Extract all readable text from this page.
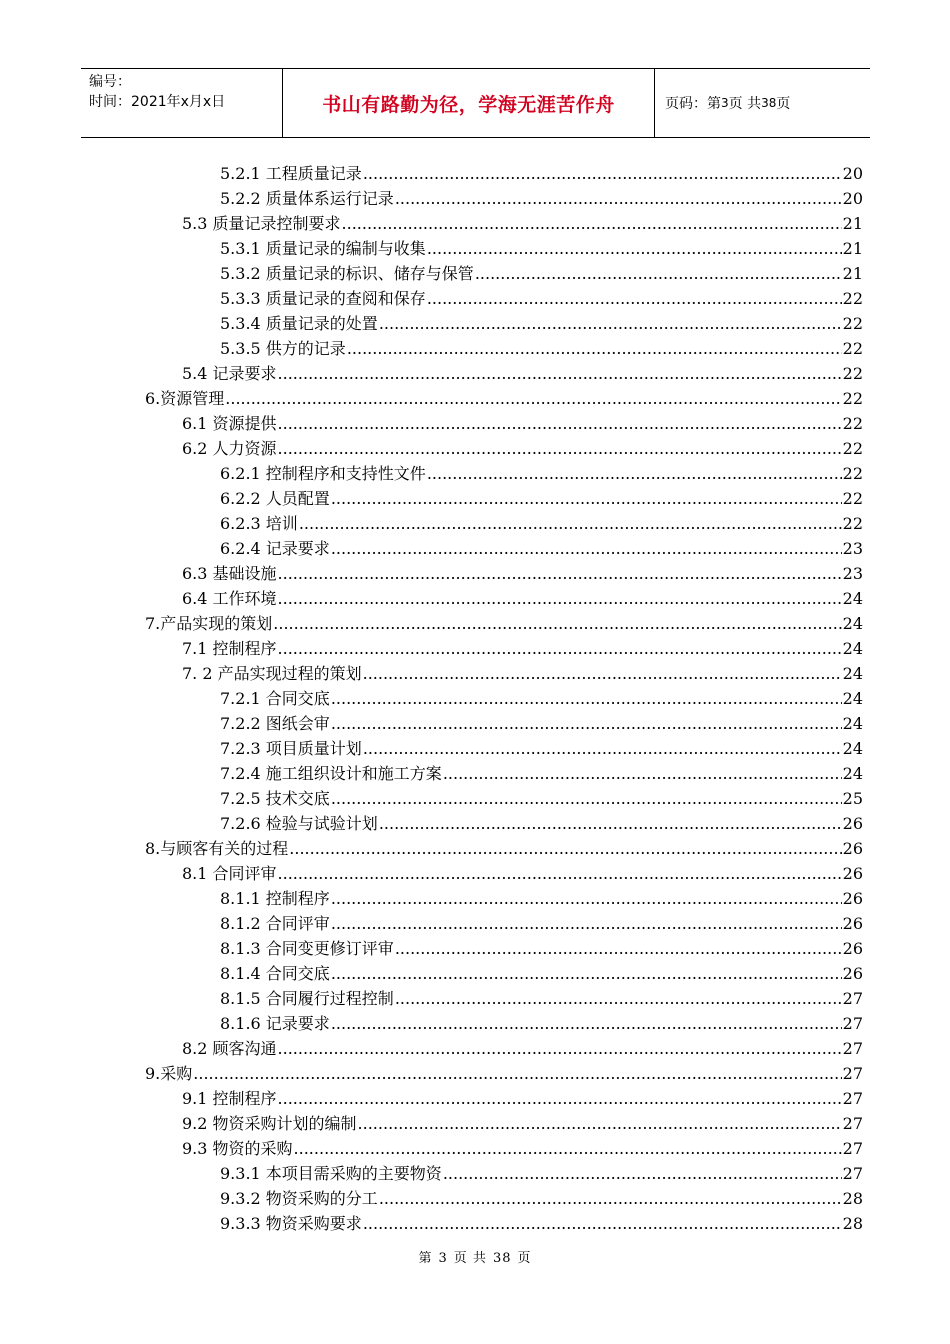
编号：
时间：2021年x月x日	书山有路勤为径，学海无涯苦作舟	页码：第 3 页 共 38 页
5.2.1 工程质量记录 .....	20
5.2.2 质量体系运行记录 .....	20
5.3 质量记录控制要求 .....	21
5.3.1 质量记录的编制与收集 .....	21
5.3.2 质量记录的标识、储存与保管 .....	21
5.3.3 质量记录的查阅和保存 .....	22
5.3.4 质量记录的处置 .....	22
5.3.5 供方的记录 .....	22
5.4 记录要求 .....	22
6.资源管理 .....	22
6.1 资源提供 .....	22
6.2 人力资源 .....	22
6.2.1 控制程序和支持性文件 .....	22
6.2.2 人员配置 .....	22
6.2.3 培训 .....	22
6.2.4 记录要求 .....	23
6.3 基础设施 .....	23
6.4 工作环境 .....	24
7.产品实现的策划 .....	24
7.1 控制程序 .....	24
7. 2 产品实现过程的策划 .....	24
7.2.1 合同交底 .....	24
7.2.2 图纸会审 .....	24
7.2.3 项目质量计划 .....	24
7.2.4 施工组织设计和施工方案 .....	24
7.2.5 技术交底 .....	25
7.2.6 检验与试验计划 .....	26
8.与顾客有关的过程 .....	26
8.1 合同评审 .....	26
8.1.1 控制程序 .....	26
8.1.2 合同评审 .....	26
8.1.3 合同变更修订评审 .....	26
8.1.4 合同交底 .....	26
8.1.5 合同履行过程控制 .....	27
8.1.6 记录要求 .....	27
8.2 顾客沟通 .....	27
9.采购 .....	27
9.1 控制程序 .....	27
9.2 物资采购计划的编制 .....	27
9.3 物资的采购 .....	27
9.3.1 本项目需采购的主要物资 .....	27
9.3.2 物资采购的分工 .....	28
9.3.3 物资采购要求 .....	28
第 3 页 共 38 页
